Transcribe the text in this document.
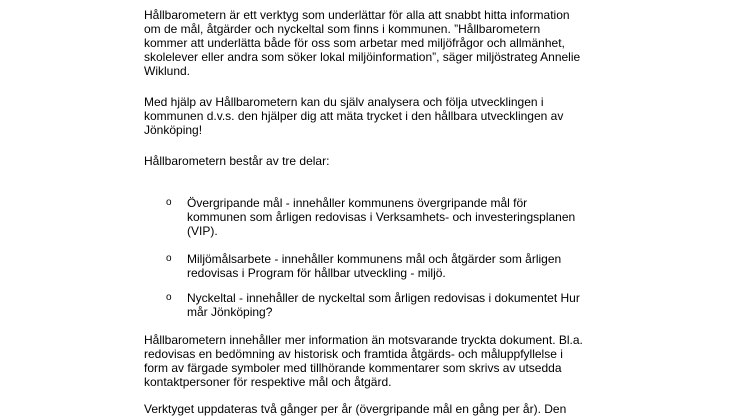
Hållbarometern är ett verktyg som underlättar för alla att snabbt hitta information
om de mål, åtgärder och nyckeltal som finns i kommunen. ”Hållbarometern
kommer att underlätta både för oss som arbetar med miljöfrågor och allmänhet,
skolelever eller andra som söker lokal miljöinformation”, säger miljöstrateg Annelie
Wiklund.

Med hjälp av Hållbarometern kan du själv analysera och följa utvecklingen i
kommunen d.v.s. den hjälper dig att mäta trycket i den hållbara utvecklingen av
Jönköping!

Hållbarometern består av tre delar:

o Övergripande mål - innehåller kommunens övergripande mål för
kommunen som årligen redovisas i Verksamhets- och investeringsplanen
(VIP).
o Miljömålsarbete - innehåller kommunens mål och åtgärder som årligen
redovisas i Program för hållbar utveckling - miljö.
o Nyckeltal - innehåller de nyckeltal som årligen redovisas i dokumentet Hur
mår Jönköping?

Hållbarometern innehåller mer information än motsvarande tryckta dokument. Bl.a.
redovisas en bedömning av historisk och framtida åtgärds- och måluppfyllelse i
form av färgade symboler med tillhörande kommentarer som skrivs av utsedda
kontaktpersoner för respektive mål och åtgärd.

Verktyget uppdateras två gånger per år (övergripande mål en gång per år). Den
